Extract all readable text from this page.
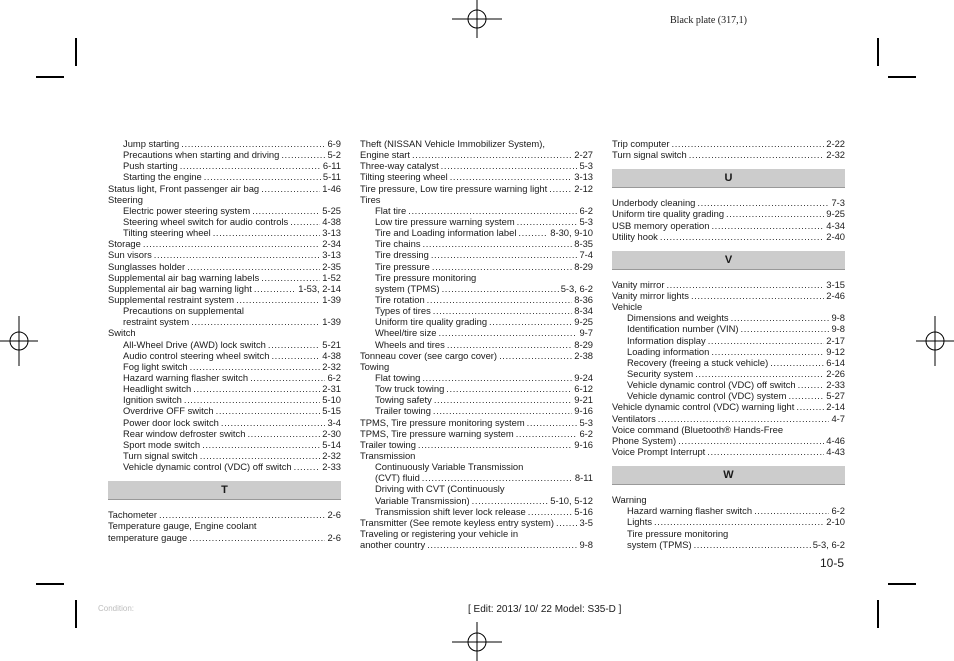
Black plate (317,1)
Jump starting .....	6-9
Precautions when starting and driving .....	5-2
Push starting .....	6-11
Starting the engine .....	5-11
Status light, Front passenger air bag .....	1-46
Steering
Electric power steering system .....	5-25
Steering wheel switch for audio controls .....	4-38
Tilting steering wheel .....	3-13
Storage .....	2-34
Sun visors .....	3-13
Sunglasses holder .....	2-35
Supplemental air bag warning labels .....	1-52
Supplemental air bag warning light .....	1-53, 2-14
Supplemental restraint system .....	1-39
Precautions on supplemental
restraint system .....	1-39
Switch
All-Wheel Drive (AWD) lock switch .....	5-21
Audio control steering wheel switch .....	4-38
Fog light switch .....	2-32
Hazard warning flasher switch .....	6-2
Headlight switch .....	2-31
Ignition switch .....	5-10
Overdrive OFF switch .....	5-15
Power door lock switch .....	3-4
Rear window defroster switch .....	2-30
Sport mode switch .....	5-14
Turn signal switch .....	2-32
Vehicle dynamic control (VDC) off switch .....	2-33
T
Tachometer .....	2-6
Temperature gauge, Engine coolant
temperature gauge .....	2-6
Theft (NISSAN Vehicle Immobilizer System),
Engine start .....	2-27
Three-way catalyst .....	5-3
Tilting steering wheel .....	3-13
Tire pressure, Low tire pressure warning light .....	2-12
Tires
Flat tire .....	6-2
Low tire pressure warning system .....	5-3
Tire and Loading information label .....	8-30, 9-10
Tire chains .....	8-35
Tire dressing .....	7-4
Tire pressure .....	8-29
Tire pressure monitoring
system (TPMS) .....	5-3, 6-2
Tire rotation .....	8-36
Types of tires .....	8-34
Uniform tire quality grading .....	9-25
Wheel/tire size .....	9-7
Wheels and tires .....	8-29
Tonneau cover (see cargo cover) .....	2-38
Towing
Flat towing .....	9-24
Tow truck towing .....	6-12
Towing safety .....	9-21
Trailer towing .....	9-16
TPMS, Tire pressure monitoring system .....	5-3
TPMS, Tire pressure warning system .....	6-2
Trailer towing .....	9-16
Transmission
Continuously Variable Transmission
(CVT) fluid .....	8-11
Driving with CVT (Continuously
Variable Transmission) .....	5-10, 5-12
Transmission shift lever lock release .....	5-16
Transmitter (See remote keyless entry system) .....	3-5
Traveling or registering your vehicle in
another country .....	9-8
Trip computer .....	2-22
Turn signal switch .....	2-32
U
Underbody cleaning .....	7-3
Uniform tire quality grading .....	9-25
USB memory operation .....	4-34
Utility hook .....	2-40
V
Vanity mirror .....	3-15
Vanity mirror lights .....	2-46
Vehicle
Dimensions and weights .....	9-8
Identification number (VIN) .....	9-8
Information display .....	2-17
Loading information .....	9-12
Recovery (freeing a stuck vehicle) .....	6-14
Security system .....	2-26
Vehicle dynamic control (VDC) off switch .....	2-33
Vehicle dynamic control (VDC) system .....	5-27
Vehicle dynamic control (VDC) warning light .....	2-14
Ventilators .....	4-7
Voice command (Bluetooth® Hands-Free
Phone System) .....	4-46
Voice Prompt Interrupt .....	4-43
W
Warning
Hazard warning flasher switch .....	6-2
Lights .....	2-10
Tire pressure monitoring
system (TPMS) .....	5-3, 6-2
10-5
Condition:	[ Edit: 2013/ 10/ 22 Model: S35-D ]
